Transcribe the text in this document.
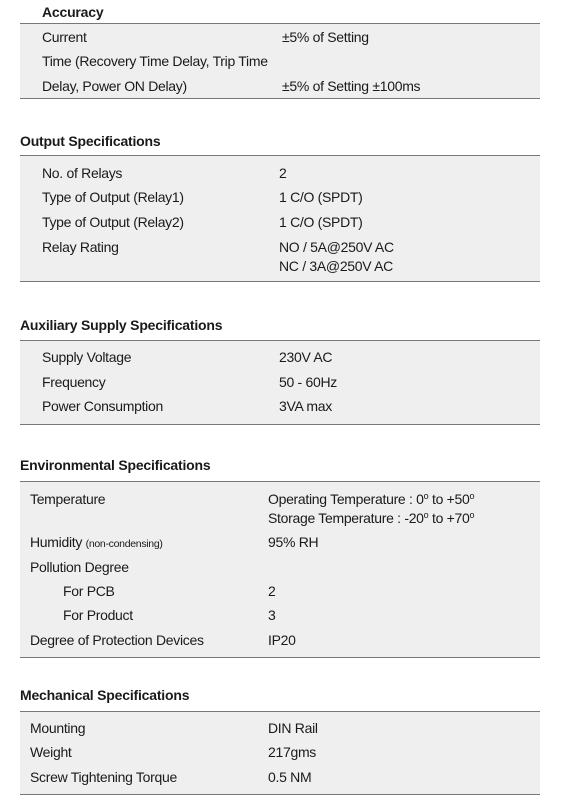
Accuracy
Current	±5% of Setting
Time (Recovery Time Delay, Trip Time
Delay, Power ON Delay)	±5% of Setting ±100ms
Output Specifications
No. of Relays	2
Type of Output (Relay1)	1 C/O (SPDT)
Type of Output (Relay2)	1 C/O (SPDT)
Relay Rating	NO / 5A@250V AC
NC / 3A@250V AC
Auxiliary Supply Specifications
Supply Voltage	230V AC
Frequency	50 - 60Hz
Power Consumption	3VA max
Environmental Specifications
Temperature	Operating Temperature : 0$^o$ to $+50^o$
Storage Temperature : -20$^o$ to $+70^o$
Humidity (non-condensing)	95% RH
Pollution Degree
For PCB	2
For Product	3
Degree of Protection Devices	IP20
Mechanical Specifications
Mounting	DIN Rail
Weight	217gms
Screw Tightening Torque	0.5 NM
